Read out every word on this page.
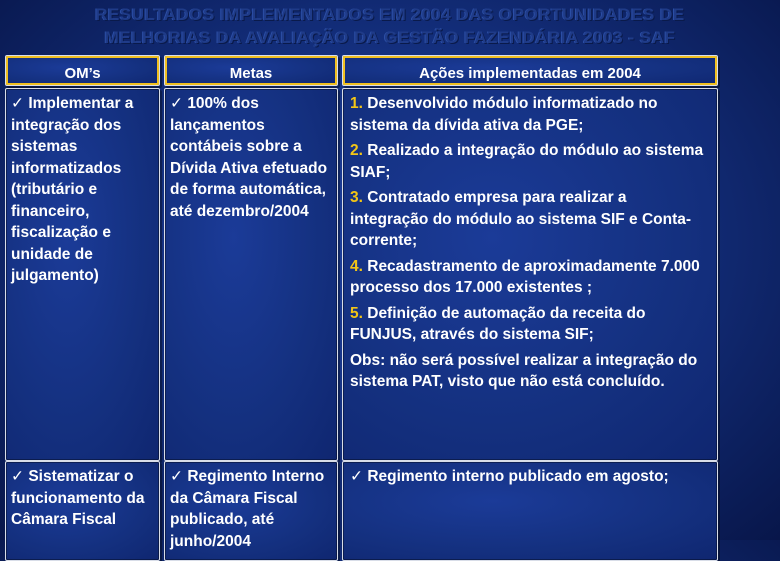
RESULTADOS IMPLEMENTADOS EM 2004 DAS OPORTUNIDADES DE

MELHORIAS DA AVALIAÇÃO DA GESTÃO FAZENDÁRIA 2003 - SAF

OM’s	Metas	Ações implementadas em 2004
✓ Implementar a integração dos sistemas informatizados (tributário e financeiro, fiscalização e unidade de julgamento)
✓ 100% dos lançamentos contábeis sobre a Dívida Ativa efetuado de forma automática, até dezembro/2004

1. Desenvolvido módulo informatizado no sistema da dívida ativa da PGE;

2. Realizado a integração do módulo ao sistema SIAF;

3. Contratado empresa para realizar a integração do módulo ao sistema SIF e Conta-corrente;

4. Recadastramento de aproximadamente 7.000 processo dos 17.000 existentes ;

5. Definição de automação da receita do FUNJUS, através do sistema SIF;

Obs: não será possível realizar a integração do sistema PAT, visto que não está concluído.

✓ Sistematizar o funcionamento da Câmara Fiscal
✓ Regimento Interno da Câmara Fiscal publicado, até junho/2004
✓ Regimento interno publicado em agosto;
